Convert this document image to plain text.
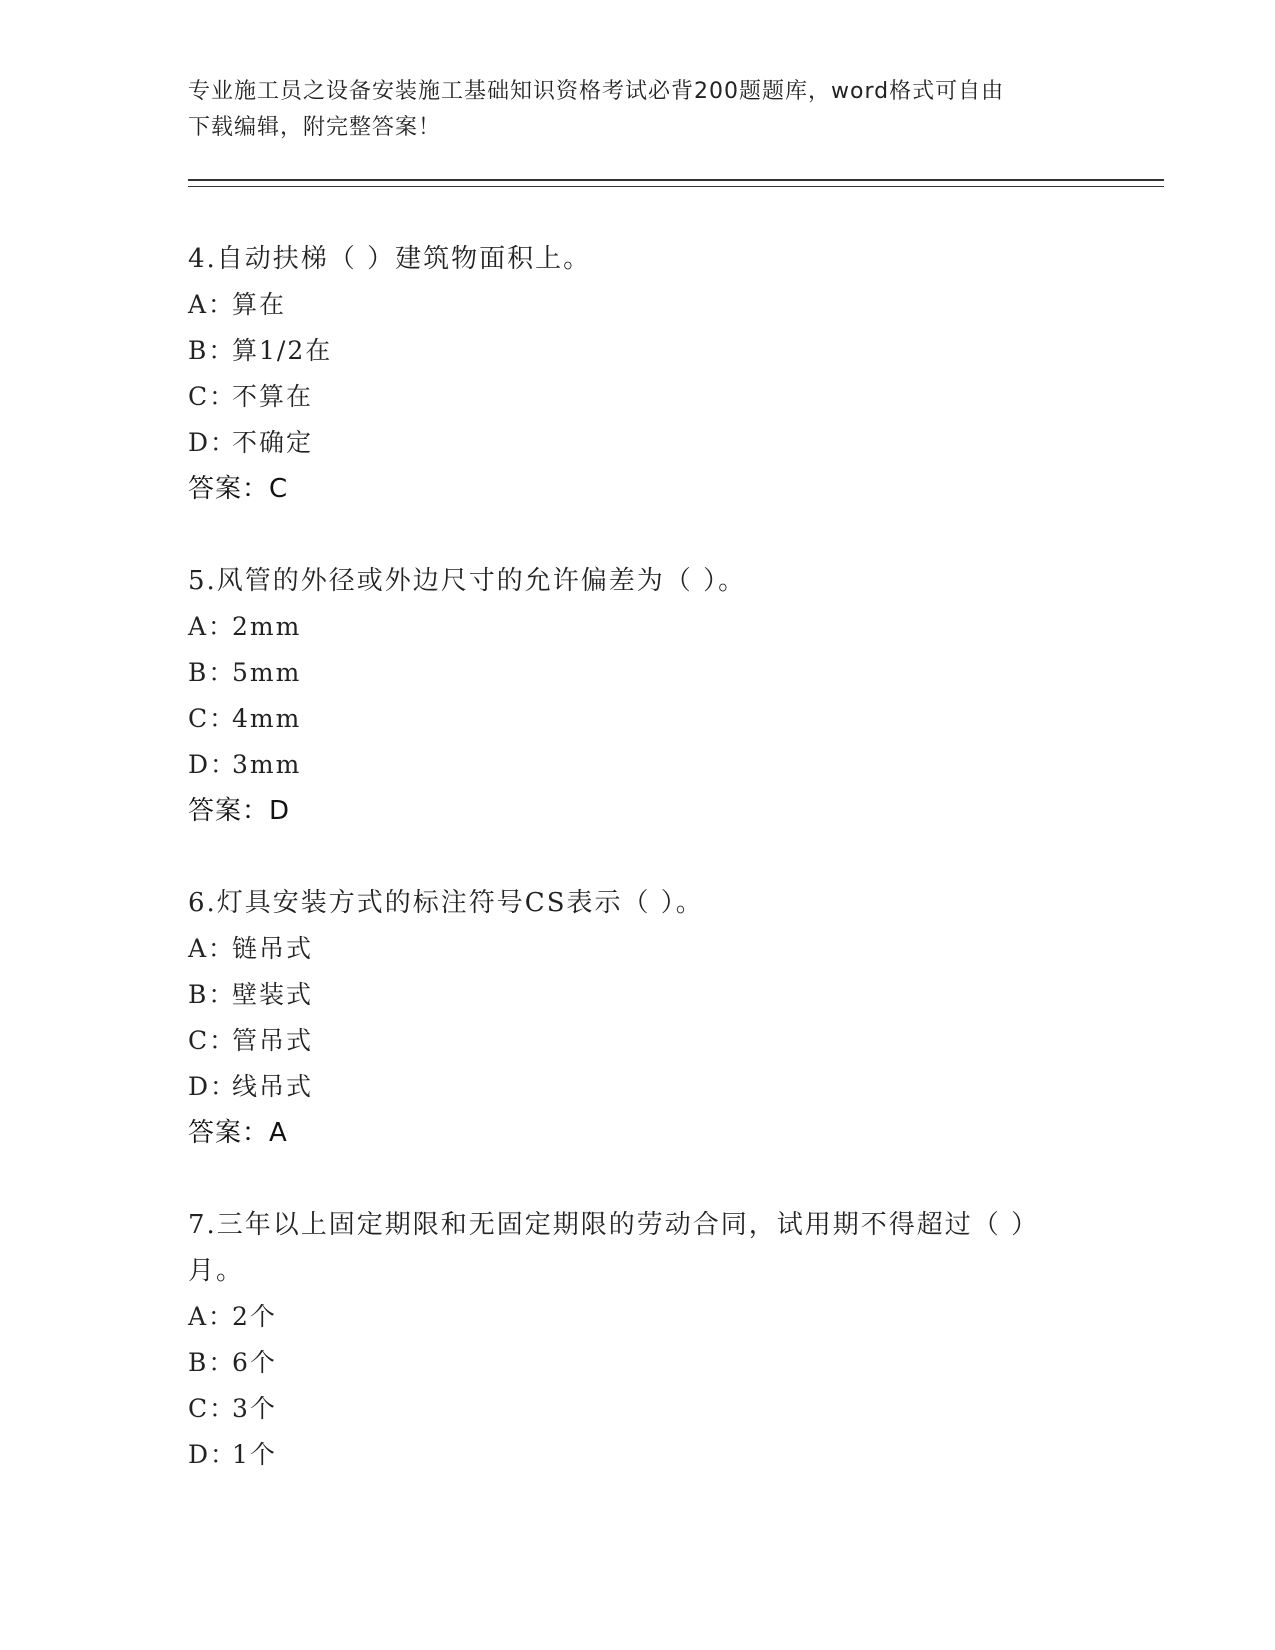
专业施工员之设备安装施工基础知识资格考试必背200题题库，word格式可自由
下载编辑，附完整答案！
4.自动扶梯（ ）建筑物面积上。
A：
算在
B：
算1/2在
C：
不算在
D：
不确定
答案：C
5.风管的外径或外边尺寸的允许偏差为（ ）。
A：
2mm
B：
5mm
C：
4mm
D：
3mm
答案：D
6.灯具安装方式的标注符号CS表示（ ）。
A：
链吊式
B：
壁装式
C：
管吊式
D：
线吊式
答案：A
7.三年以上固定期限和无固定期限的劳动合同，试用期不得超过（ ）月。
A：
2个
B：
6个
C：
3个
D：
1个
